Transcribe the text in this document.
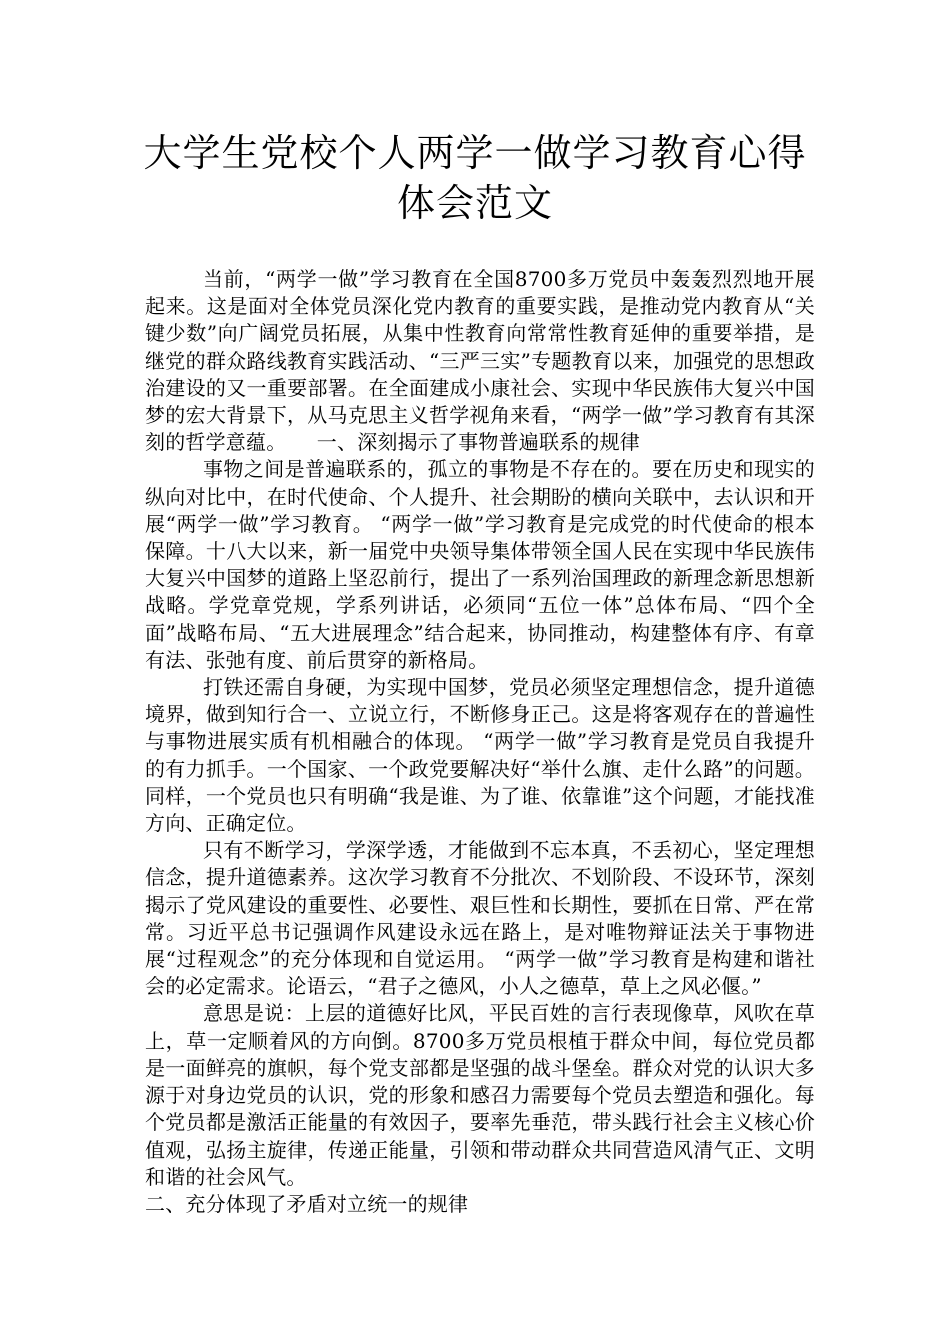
大学生党校个人两学一做学习教育心得体会范文

当前，“两学一做”学习教育在全国8700多万党员中轰轰烈烈地开展起来。这是面对全体党员深化党内教育的重要实践，是推动党内教育从“关键少数”向广阔党员拓展，从集中性教育向常常性教育延伸的重要举措，是继党的群众路线教育实践活动、“三严三实”专题教育以来，加强党的思想政治建设的又一重要部署。在全面建成小康社会、实现中华民族伟大复兴中国梦的宏大背景下，从马克思主义哲学视角来看，“两学一做”学习教育有其深刻的哲学意蕴。　　一、深刻揭示了事物普遍联系的规律

事物之间是普遍联系的，孤立的事物是不存在的。要在历史和现实的纵向对比中，在时代使命、个人提升、社会期盼的横向关联中，去认识和开展“两学一做”学习教育。 “两学一做”学习教育是完成党的时代使命的根本保障。十八大以来，新一届党中央领导集体带领全国人民在实现中华民族伟大复兴中国梦的道路上坚忍前行，提出了一系列治国理政的新理念新思想新战略。学党章党规，学系列讲话，必须同“五位一体”总体布局、“四个全面”战略布局、“五大进展理念”结合起来，协同推动，构建整体有序、有章有法、张弛有度、前后贯穿的新格局。

打铁还需自身硬，为实现中国梦，党员必须坚定理想信念，提升道德境界，做到知行合一、立说立行，不断修身正己。这是将客观存在的普遍性与事物进展实质有机相融合的体现。 “两学一做”学习教育是党员自我提升的有力抓手。一个国家、一个政党要解决好“举什么旗、走什么路”的问题。同样，一个党员也只有明确“我是谁、为了谁、依靠谁”这个问题，才能找准方向、正确定位。

只有不断学习，学深学透，才能做到不忘本真，不丢初心，坚定理想信念，提升道德素养。这次学习教育不分批次、不划阶段、不设环节，深刻揭示了党风建设的重要性、必要性、艰巨性和长期性，要抓在日常、严在常常。习近平总书记强调作风建设永远在路上，是对唯物辩证法关于事物进展“过程观念”的充分体现和自觉运用。 “两学一做”学习教育是构建和谐社会的必定需求。论语云，“君子之德风，小人之德草，草上之风必偃。”

意思是说：上层的道德好比风，平民百姓的言行表现像草，风吹在草上，草一定顺着风的方向倒。8700多万党员根植于群众中间，每位党员都是一面鲜亮的旗帜，每个党支部都是坚强的战斗堡垒。群众对党的认识大多源于对身边党员的认识，党的形象和感召力需要每个党员去塑造和强化。每个党员都是激活正能量的有效因子，要率先垂范，带头践行社会主义核心价值观，弘扬主旋律，传递正能量，引领和带动群众共同营造风清气正、文明和谐的社会风气。

二、充分体现了矛盾对立统一的规律
